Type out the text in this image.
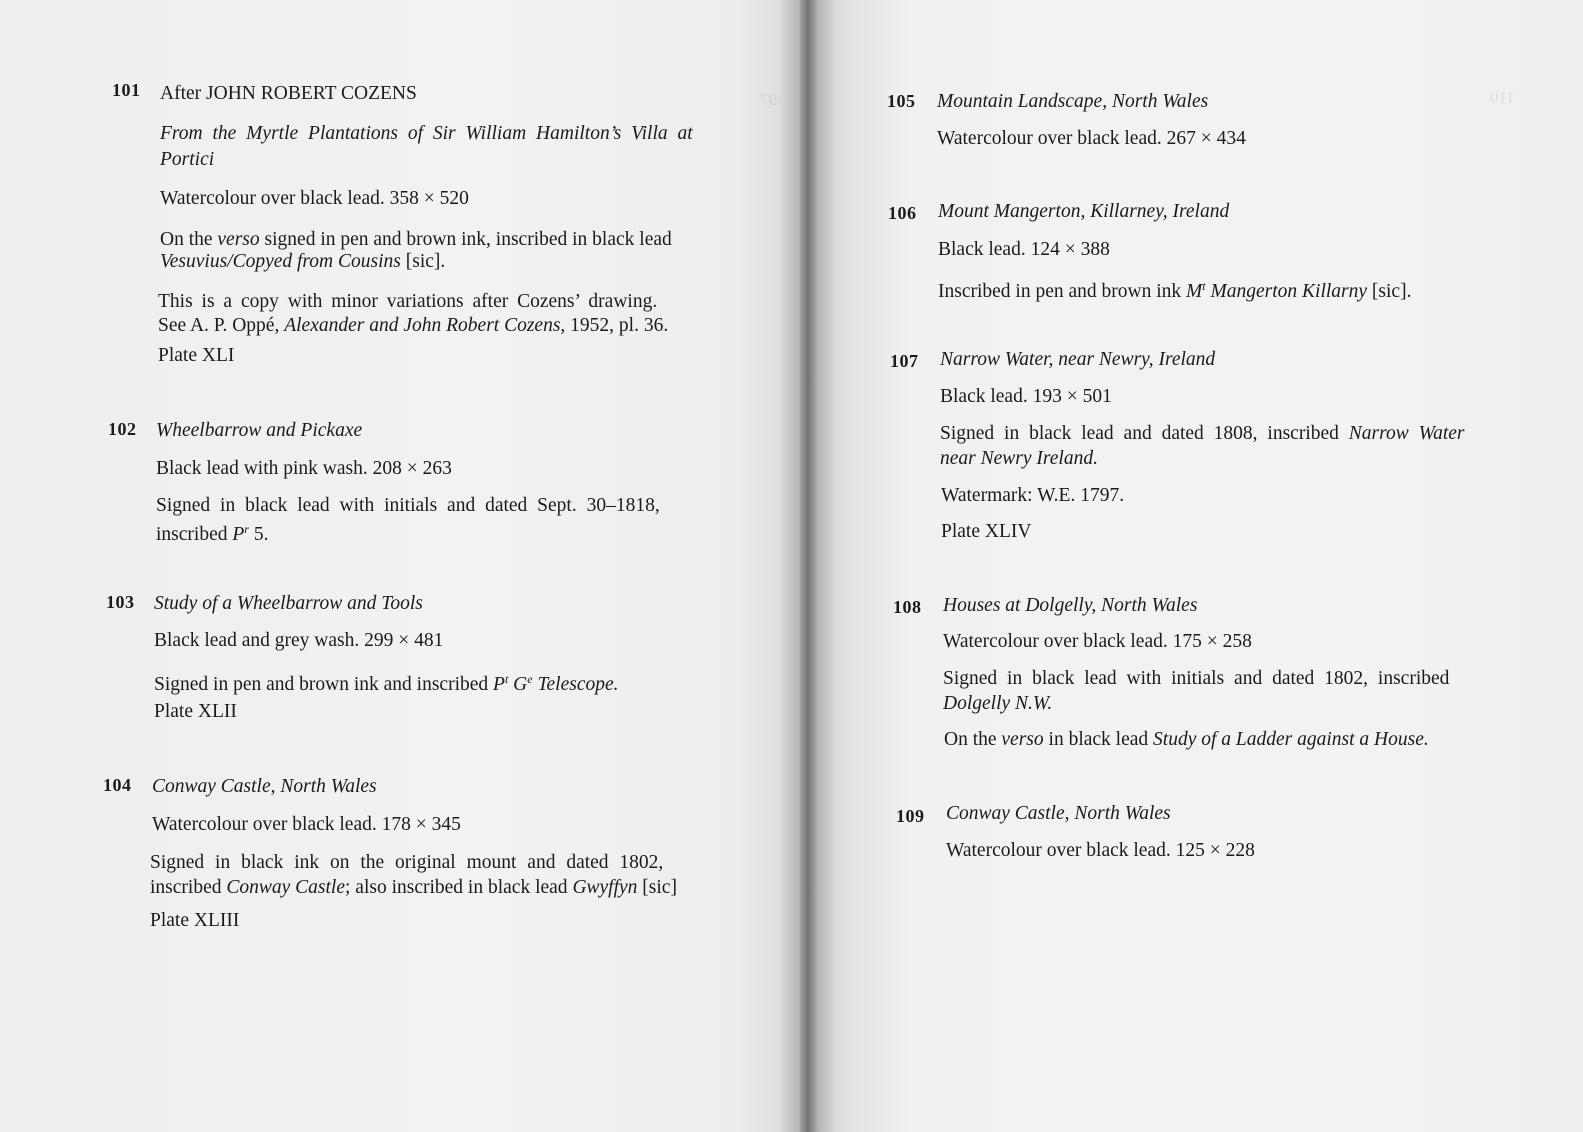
97	110
101 After JOHN ROBERT COZENS
From the Myrtle Plantations of Sir William Hamilton’s Villa at
Portici
Watercolour over black lead. 358 × 520
On the verso signed in pen and brown ink, inscribed in black lead
Vesuvius/Copyed from Cousins [sic].
This is a copy with minor variations after Cozens’ drawing.
See A. P. Oppé, Alexander and John Robert Cozens, 1952, pl. 36.
Plate XLI
102 Wheelbarrow and Pickaxe
Black lead with pink wash. 208 × 263
Signed in black lead with initials and dated Sept. 30–1818,
inscribed $P^r$ 5.
103 Study of a Wheelbarrow and Tools
Black lead and grey wash. 299 × 481
Signed in pen and brown ink and inscribed $P^t$ $G^e$ Telescope.
Plate XLII
104 Conway Castle, North Wales
Watercolour over black lead. 178 × 345
Signed in black ink on the original mount and dated 1802,
inscribed Conway Castle; also inscribed in black lead Gwyffyn [sic]
Plate XLIII
105 Mountain Landscape, North Wales
Watercolour over black lead. 267 × 434
106 Mount Mangerton, Killarney, Ireland
Black lead. 124 × 388
Inscribed in pen and brown ink $M^t$ Mangerton Killarny [sic].
107 Narrow Water, near Newry, Ireland
Black lead. 193 × 501
Signed in black lead and dated 1808, inscribed Narrow Water
near Newry Ireland.
Watermark: W.E. 1797.
Plate XLIV
108 Houses at Dolgelly, North Wales
Watercolour over black lead. 175 × 258
Signed in black lead with initials and dated 1802, inscribed
Dolgelly N.W.
On the verso in black lead Study of a Ladder against a House.
109 Conway Castle, North Wales
Watercolour over black lead. 125 × 228
